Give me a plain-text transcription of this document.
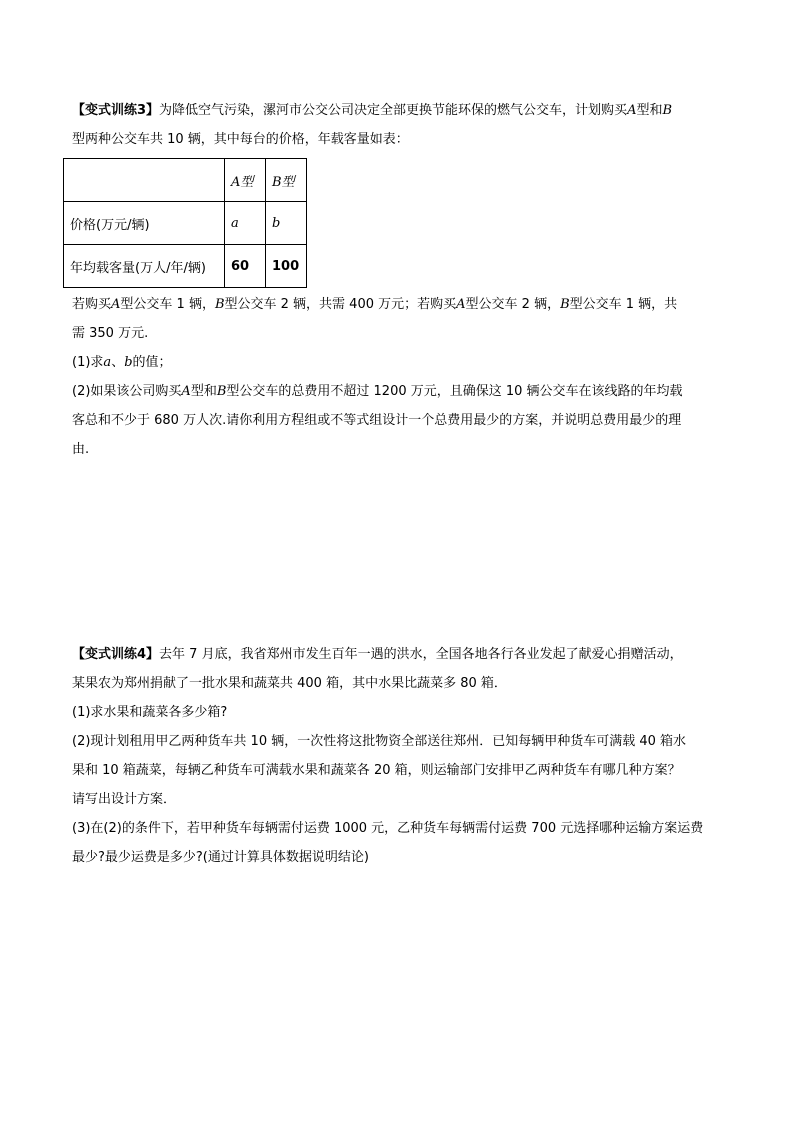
【变式训练3】为降低空气污染，漯河市公交公司决定全部更换节能环保的燃气公交车，计划购买A型和B
型两种公交车共 10 辆，其中每台的价格，年载客量如表：
	A型	B型
价格(万元/辆)	a	b
年均载客量(万人/年/辆)	60	100
若购买A型公交车 1 辆，B型公交车 2 辆，共需 400 万元；若购买A型公交车 2 辆，B型公交车 1 辆，共
需 350 万元.
(1)求a、b的值；
(2)如果该公司购买A型和B型公交车的总费用不超过 1200 万元，且确保这 10 辆公交车在该线路的年均载
客总和不少于 680 万人次.请你利用方程组或不等式组设计一个总费用最少的方案，并说明总费用最少的理
由.
【变式训练4】去年 7 月底，我省郑州市发生百年一遇的洪水，全国各地各行各业发起了献爱心捐赠活动，
某果农为郑州捐献了一批水果和蔬菜共 400 箱，其中水果比蔬菜多 80 箱．
(1)求水果和蔬菜各多少箱?
(2)现计划租用甲乙两种货车共 10 辆，一次性将这批物资全部送往郑州．已知每辆甲种货车可满载 40 箱水
果和 10 箱蔬菜，每辆乙种货车可满载水果和蔬菜各 20 箱，则运输部门安排甲乙两种货车有哪几种方案？
请写出设计方案．
(3)在(2)的条件下，若甲种货车每辆需付运费 1000 元，乙种货车每辆需付运费 700 元选择哪种运输方案运费
最少?最少运费是多少?(通过计算具体数据说明结论)
